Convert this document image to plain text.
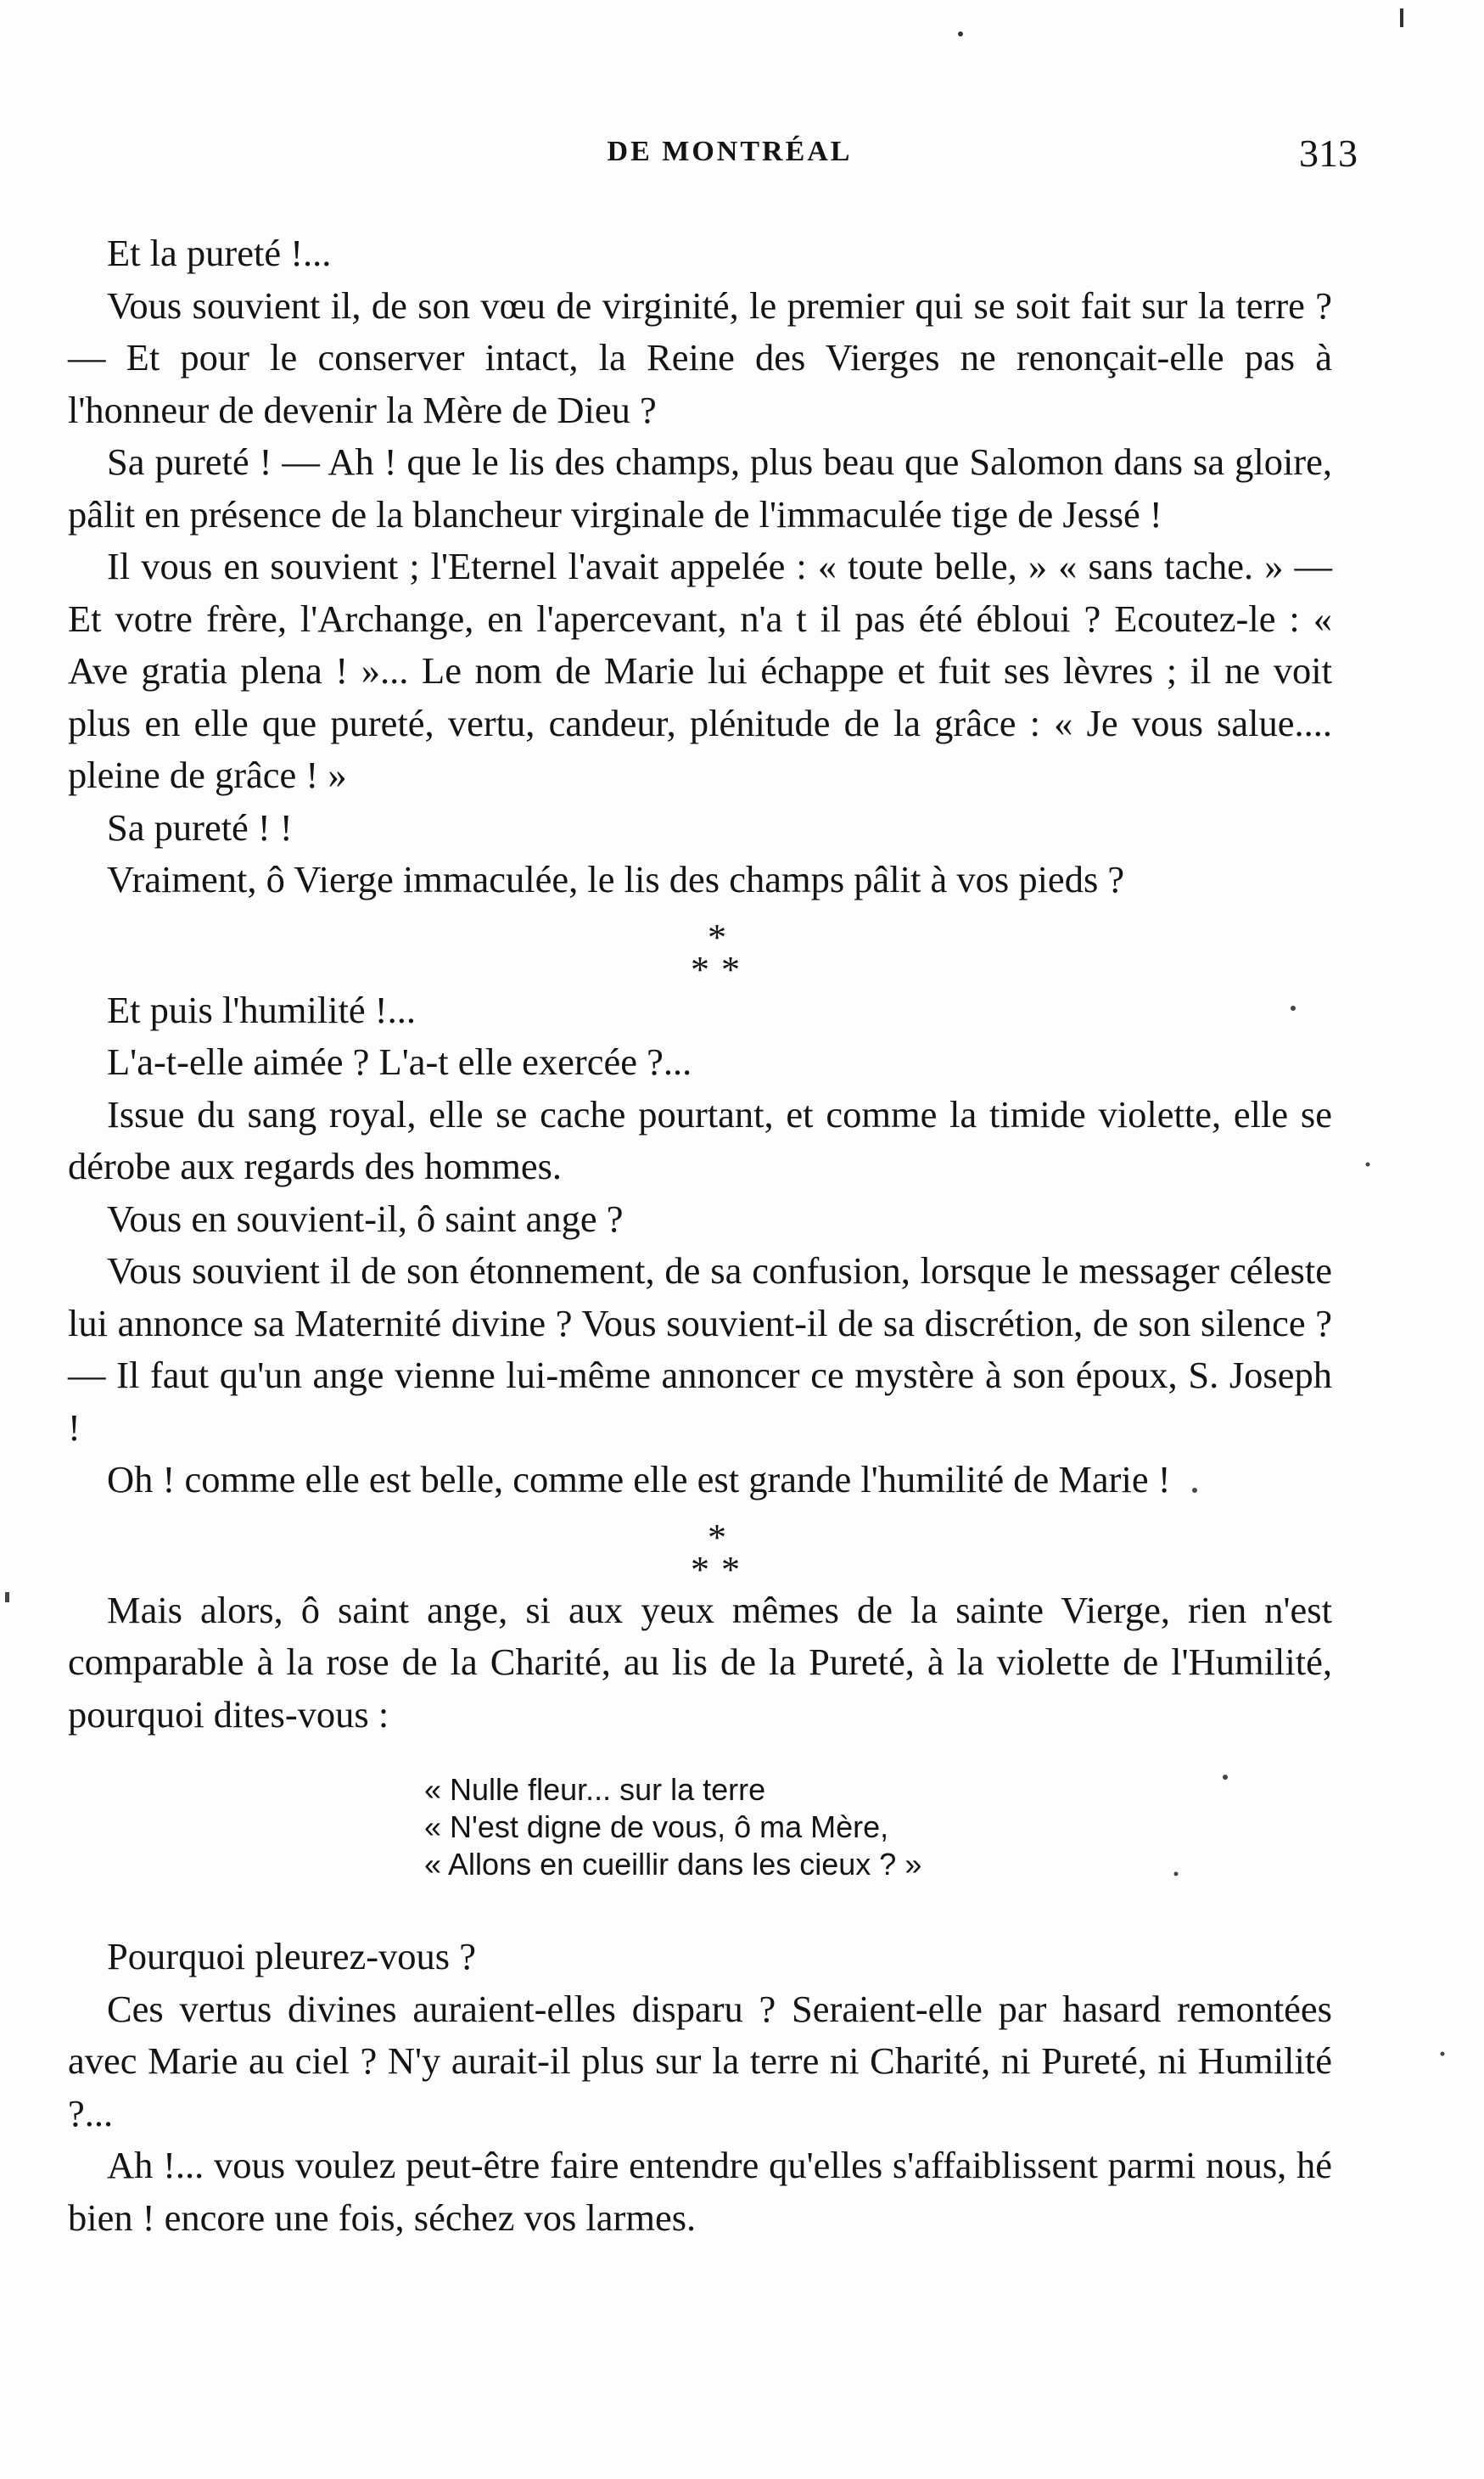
DE MONTRÉAL	313

Et la pureté !...

Vous souvient il, de son vœu de virginité, le premier qui se soit fait sur la terre ? — Et pour le conserver intact, la Reine des Vierges ne renonçait-elle pas à l'honneur de devenir la Mère de Dieu ?

Sa pureté ! — Ah ! que le lis des champs, plus beau que Salomon dans sa gloire, pâlit en présence de la blancheur virginale de l'immaculée tige de Jessé !

Il vous en souvient ; l'Eternel l'avait appelée : « toute belle, » « sans tache. » — Et votre frère, l'Archange, en l'apercevant, n'a t il pas été ébloui ? Ecoutez-le : « Ave gratia plena ! »... Le nom de Marie lui échappe et fuit ses lèvres ; il ne voit plus en elle que pureté, vertu, candeur, plénitude de la grâce : « Je vous salue.... pleine de grâce ! »

Sa pureté ! !

Vraiment, ô Vierge immaculée, le lis des champs pâlit à vos pieds ?

*
**

Et puis l'humilité !...

L'a-t-elle aimée ? L'a-t elle exercée ?...

Issue du sang royal, elle se cache pourtant, et comme la timide violette, elle se dérobe aux regards des hommes.

Vous en souvient-il, ô saint ange ?

Vous souvient il de son étonnement, de sa confusion, lorsque le messager céleste lui annonce sa Maternité divine ? Vous souvient-il de sa discrétion, de son silence ? — Il faut qu'un ange vienne lui-même annoncer ce mystère à son époux, S. Joseph !

Oh ! comme elle est belle, comme elle est grande l'humilité de Marie !

*
**

Mais alors, ô saint ange, si aux yeux mêmes de la sainte Vierge, rien n'est comparable à la rose de la Charité, au lis de la Pureté, à la violette de l'Humilité, pourquoi dites-vous :

« Nulle fleur... sur la terre
« N'est digne de vous, ô ma Mère,
« Allons en cueillir dans les cieux ? »

Pourquoi pleurez-vous ?

Ces vertus divines auraient-elles disparu ? Seraient-elle par hasard remontées avec Marie au ciel ? N'y aurait-il plus sur la terre ni Charité, ni Pureté, ni Humilité ?...

Ah !... vous voulez peut-être faire entendre qu'elles s'affaiblissent parmi nous, hé bien ! encore une fois, séchez vos larmes.
